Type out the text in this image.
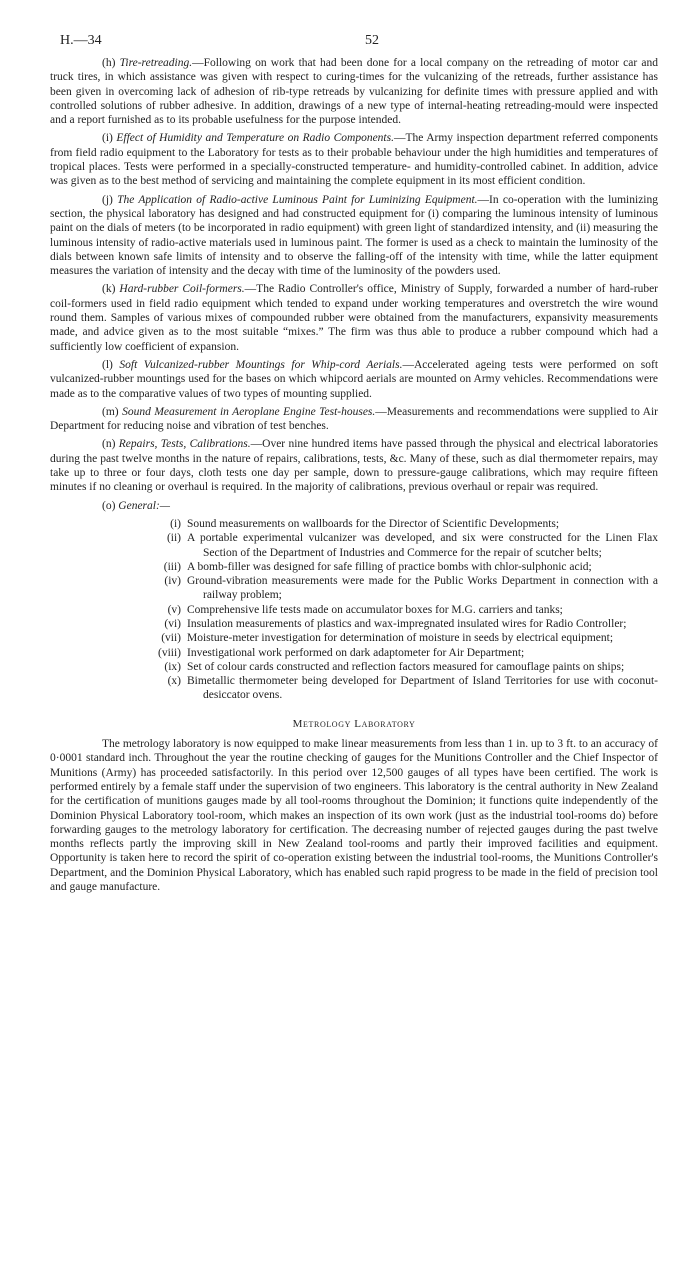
H.—34	52

(h) Tire-retreading.—Following on work that had been done for a local company on the retreading of motor car and truck tires, in which assistance was given with respect to curing-times for the vulcanizing of the retreads, further assistance has been given in overcoming lack of adhesion of rib-type retreads by vulcanizing for definite times with pressure applied and with controlled solutions of rubber adhesive. In addition, drawings of a new type of internal-heating retreading-mould were inspected and a report furnished as to its probable usefulness for the purpose intended.

(i) Effect of Humidity and Temperature on Radio Components.—The Army inspection department referred components from field radio equipment to the Laboratory for tests as to their probable behaviour under the high humidities and temperatures of tropical places. Tests were performed in a specially-constructed temperature- and humidity-controlled cabinet. In addition, advice was given as to the best method of servicing and maintaining the complete equipment in its most efficient condition.

(j) The Application of Radio-active Luminous Paint for Luminizing Equipment.—In co-operation with the luminizing section, the physical laboratory has designed and had constructed equipment for (i) comparing the luminous intensity of luminous paint on the dials of meters (to be incorporated in radio equipment) with green light of standardized intensity, and (ii) measuring the luminous intensity of radio-active materials used in luminous paint. The former is used as a check to maintain the luminosity of the dials between known safe limits of intensity and to observe the falling-off of the intensity with time, while the latter equipment measures the variation of intensity and the decay with time of the luminosity of the powders used.

(k) Hard-rubber Coil-formers.—The Radio Controller's office, Ministry of Supply, forwarded a number of hard-ruber coil-formers used in field radio equipment which tended to expand under working temperatures and overstretch the wire wound round them. Samples of various mixes of compounded rubber were obtained from the manufacturers, expansivity measurements made, and advice given as to the most suitable “mixes.” The firm was thus able to produce a rubber compound which had a sufficiently low coefficient of expansion.

(l) Soft Vulcanized-rubber Mountings for Whip-cord Aerials.—Accelerated ageing tests were performed on soft vulcanized-rubber mountings used for the bases on which whipcord aerials are mounted on Army vehicles. Recommendations were made as to the comparative values of two types of mounting supplied.

(m) Sound Measurement in Aeroplane Engine Test-houses.—Measurements and recommendations were supplied to Air Department for reducing noise and vibration of test benches.

(n) Repairs, Tests, Calibrations.—Over nine hundred items have passed through the physical and electrical laboratories during the past twelve months in the nature of repairs, calibrations, tests, &c. Many of these, such as dial thermometer repairs, may take up to three or four days, cloth tests one day per sample, down to pressure-gauge calibrations, which may require fifteen minutes if no cleaning or overhaul is required. In the majority of calibrations, previous overhaul or repair was required.

(o) General:—

(i) Sound measurements on wallboards for the Director of Scientific Developments;
(ii) A portable experimental vulcanizer was developed, and six were constructed for the Linen Flax Section of the Department of Industries and Commerce for the repair of scutcher belts;
(iii) A bomb-filler was designed for safe filling of practice bombs with chlor-sulphonic acid;
(iv) Ground-vibration measurements were made for the Public Works Department in connection with a railway problem;
(v) Comprehensive life tests made on accumulator boxes for M.G. carriers and tanks;
(vi) Insulation measurements of plastics and wax-impregnated insulated wires for Radio Controller;
(vii) Moisture-meter investigation for determination of moisture in seeds by electrical equipment;
(viii) Investigational work performed on dark adaptometer for Air Department;
(ix) Set of colour cards constructed and reflection factors measured for camouflage paints on ships;
(x) Bimetallic thermometer being developed for Department of Island Territories for use with coconut-desiccator ovens.
Metrology Laboratory

The metrology laboratory is now equipped to make linear measurements from less than 1 in. up to 3 ft. to an accuracy of 0·0001 standard inch. Throughout the year the routine checking of gauges for the Munitions Controller and the Chief Inspector of Munitions (Army) has proceeded satisfactorily. In this period over 12,500 gauges of all types have been certified. The work is performed entirely by a female staff under the supervision of two engineers. This laboratory is the central authority in New Zealand for the certification of munitions gauges made by all tool-rooms throughout the Dominion; it functions quite independently of the Dominion Physical Laboratory tool-room, which makes an inspection of its own work (just as the industrial tool-rooms do) before forwarding gauges to the metrology laboratory for certification. The decreasing number of rejected gauges during the past twelve months reflects partly the improving skill in New Zealand tool-rooms and partly their improved facilities and equipment. Opportunity is taken here to record the spirit of co-operation existing between the industrial tool-rooms, the Munitions Controller's Department, and the Dominion Physical Laboratory, which has enabled such rapid progress to be made in the field of precision tool and gauge manufacture.
